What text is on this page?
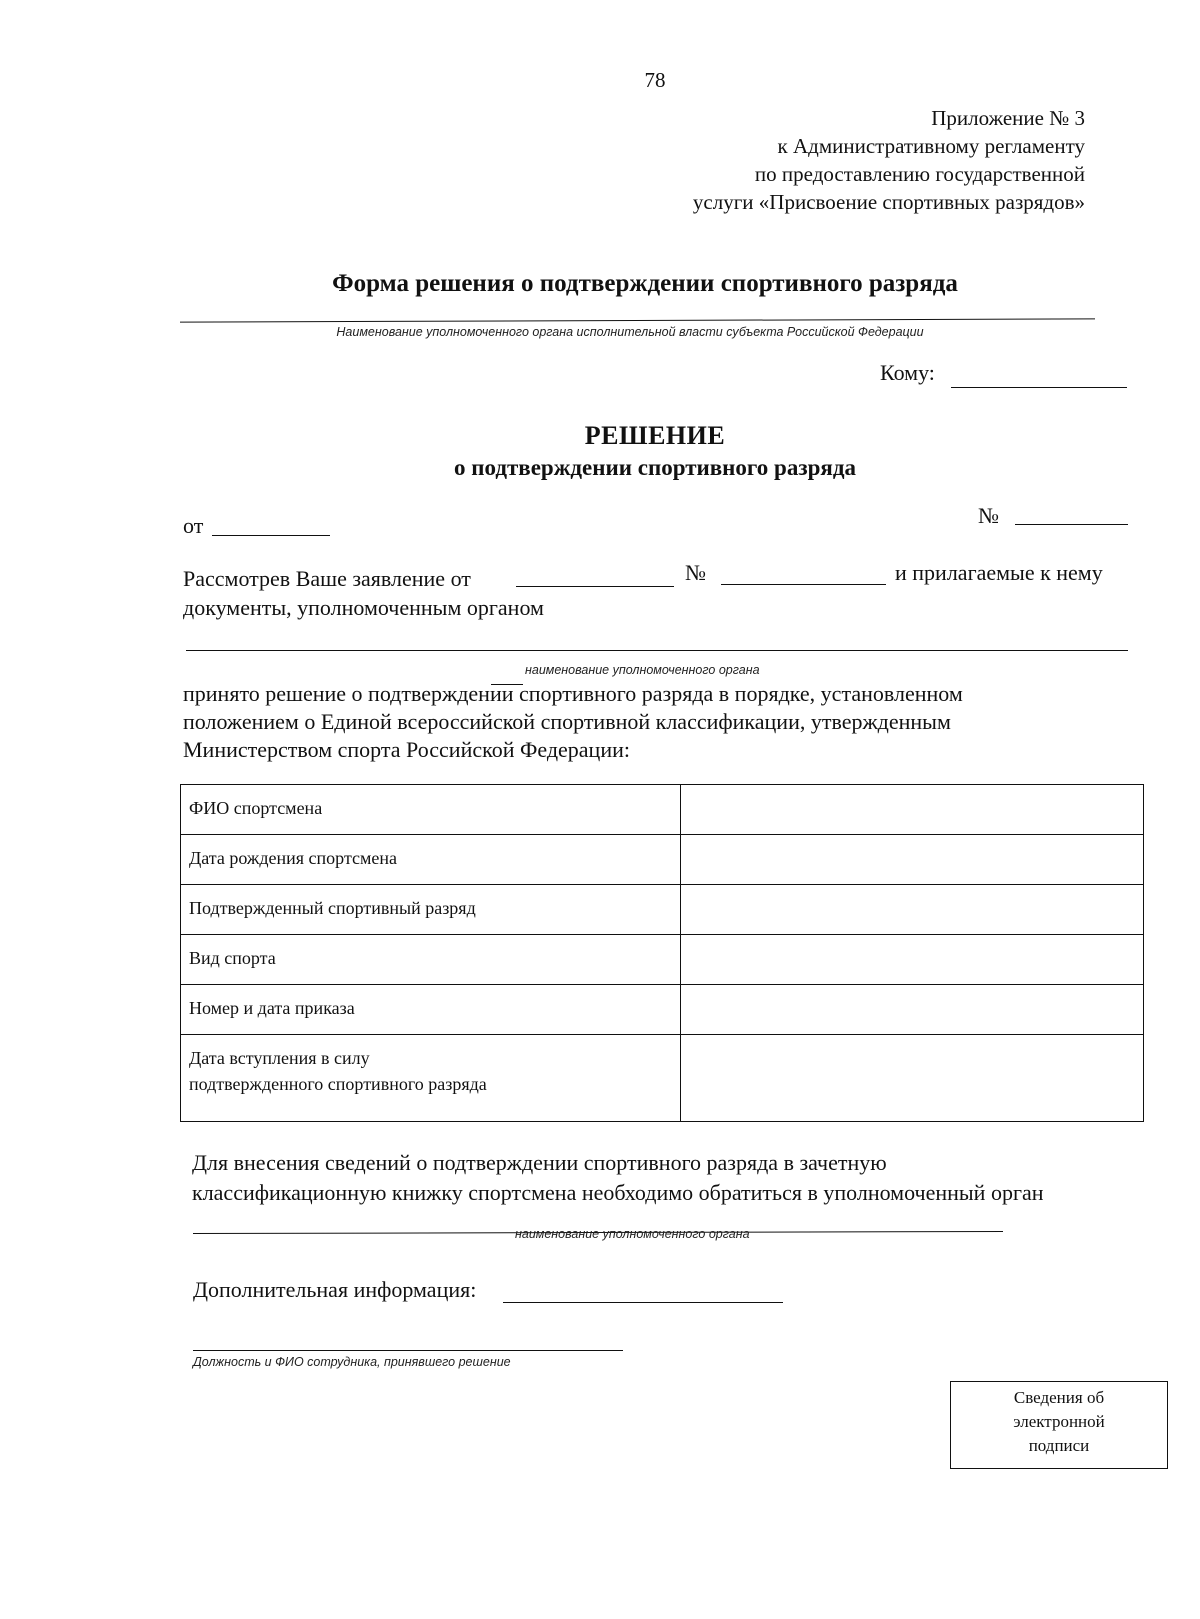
78
Приложение № 3
к Административному регламенту
по предоставлению государственной
услуги «Присвоение спортивных разрядов»
Форма решения о подтверждении спортивного разряда
Наименование уполномоченного органа исполнительной власти субъекта Российской Федерации
Кому:
РЕШЕНИЕ
о подтверждении спортивного разряда
от	№
Рассмотрев Ваше заявление от	№	и прилагаемые к нему
документы, уполномоченным органом
наименование уполномоченного органа
принято решение о подтверждении спортивного разряда в порядке, установленном
положением о Единой всероссийской спортивной классификации, утвержденным
Министерством спорта Российской Федерации:
ФИО спортсмена	
Дата рождения спортсмена	
Подтвержденный спортивный разряд	
Вид спорта	
Номер и дата приказа	

Дата вступления в силу
подтвержденного спортивного разряда	

Для внесения сведений о подтверждении спортивного разряда в зачетную
классификационную книжку спортсмена необходимо обратиться в уполномоченный орган
наименование уполномоченного органа
Дополнительная информация:
Должность и ФИО сотрудника, принявшего решение
Сведения об
электронной
подписи
